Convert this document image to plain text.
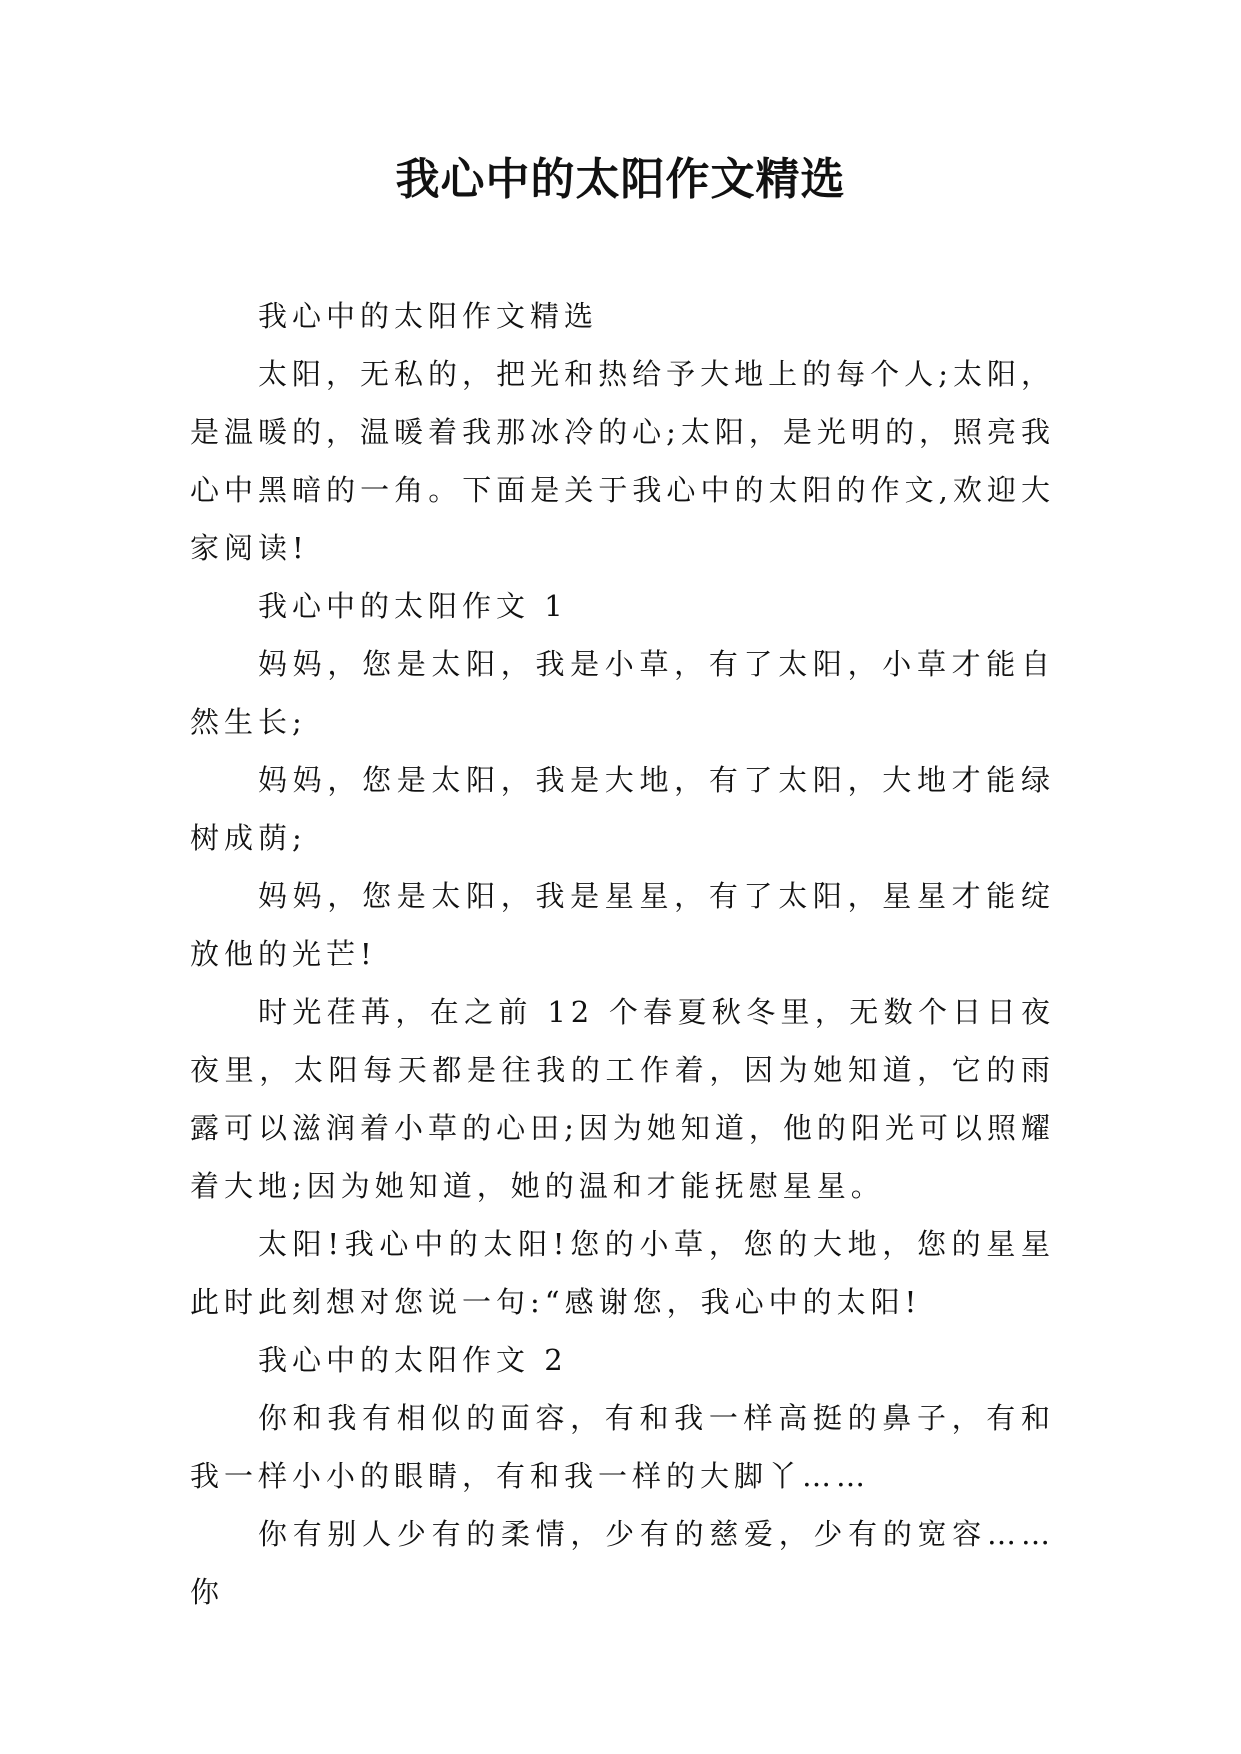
我心中的太阳作文精选

我心中的太阳作文精选

太阳，无私的，把光和热给予大地上的每个人;太阳，是温暖的，温暖着我那冰冷的心;太阳，是光明的，照亮我心中黑暗的一角。下面是关于我心中的太阳的作文,欢迎大家阅读!

我心中的太阳作文 1

妈妈，您是太阳，我是小草，有了太阳，小草才能自然生长;

妈妈，您是太阳，我是大地，有了太阳，大地才能绿树成荫;

妈妈，您是太阳，我是星星，有了太阳，星星才能绽放他的光芒!

时光荏苒，在之前 12 个春夏秋冬里，无数个日日夜夜里，太阳每天都是往我的工作着，因为她知道，它的雨露可以滋润着小草的心田;因为她知道，他的阳光可以照耀着大地;因为她知道，她的温和才能抚慰星星。

太阳!我心中的太阳!您的小草，您的大地，您的星星此时此刻想对您说一句:“感谢您，我心中的太阳!

我心中的太阳作文 2

你和我有相似的面容，有和我一样高挺的鼻子，有和我一样小小的眼睛，有和我一样的大脚丫……

你有别人少有的柔情，少有的慈爱，少有的宽容……你
